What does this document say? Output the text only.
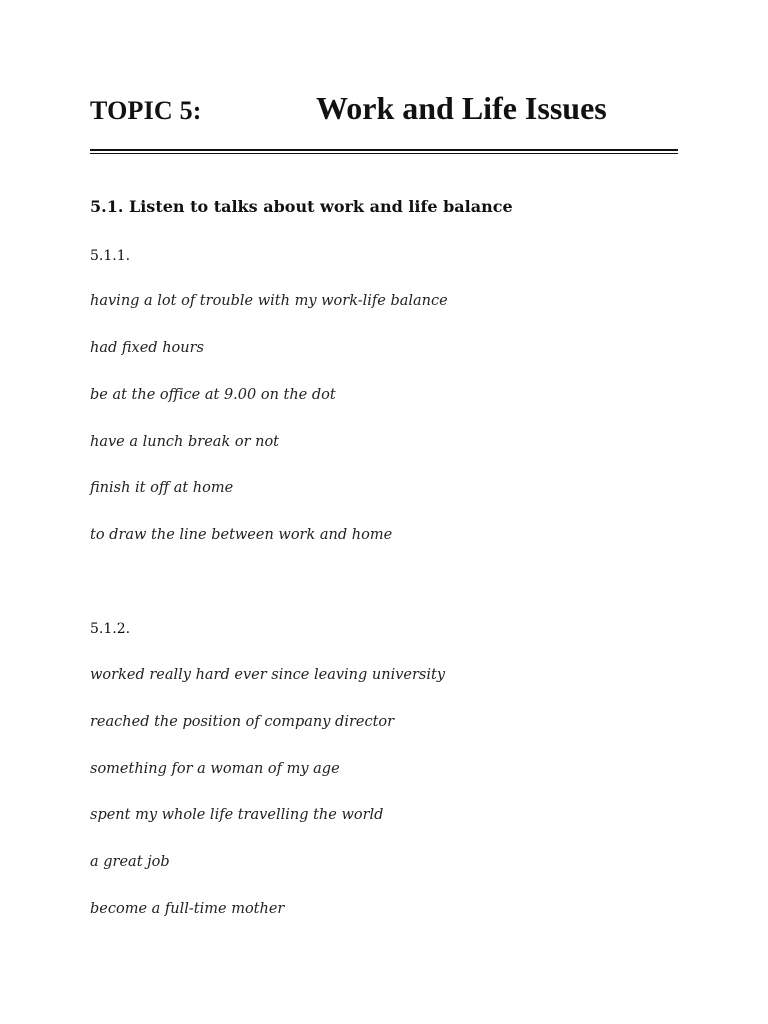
TOPIC 5:	Work and Life Issues
5.1. Listen to talks about work and life balance
5.1.1.
having a lot of trouble with my work-life balance
had fixed hours
be at the office at 9.00 on the dot
have a lunch break or not
finish it off at home
to draw the line between work and home
5.1.2.
worked really hard ever since leaving university
reached the position of company director
something for a woman of my age
spent my whole life travelling the world
a great job
become a full-time mother
